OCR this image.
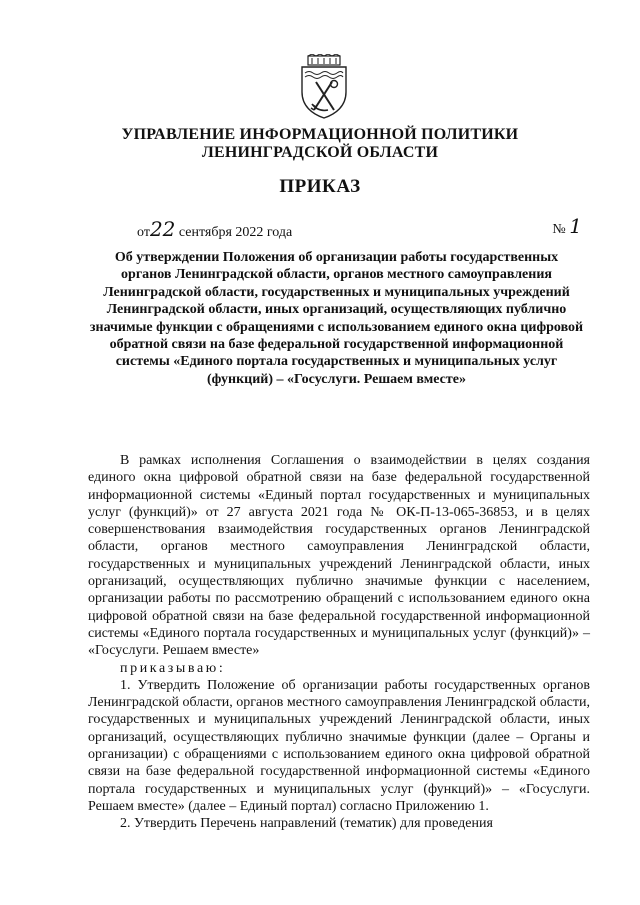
УПРАВЛЕНИЕ ИНФОРМАЦИОННОЙ ПОЛИТИКИ
ЛЕНИНГРАДСКОЙ ОБЛАСТИ
ПРИКАЗ
от22 сентября 2022 года	№ 1
Об утверждении Положения об организации работы государственных органов Ленинградской области, органов местного самоуправления Ленинградской области, государственных и муниципальных учреждений Ленинградской области, иных организаций, осуществляющих публично значимые функции с обращениями с использованием единого окна цифровой обратной связи на базе федеральной государственной информационной системы «Единого портала государственных и муниципальных услуг (функций) – «Госуслуги. Решаем вместе»

В рамках исполнения Соглашения о взаимодействии в целях создания единого окна цифровой обратной связи на базе федеральной государственной информационной системы «Единый портал государственных и муниципальных услуг (функций)» от 27 августа 2021 года № ОК-П-13-065-36853, и в целях совершенствования взаимодействия государственных органов Ленинградской области, органов местного самоуправления Ленинградской области, государственных и муниципальных учреждений Ленинградской области, иных организаций, осуществляющих публично значимые функции с населением, организации работы по рассмотрению обращений с использованием единого окна цифровой обратной связи на базе федеральной государственной информационной системы «Единого портала государственных и муниципальных услуг (функций)» – «Госуслуги. Решаем вместе»

приказываю:

1. Утвердить Положение об организации работы государственных органов Ленинградской области, органов местного самоуправления Ленинградской области, государственных и муниципальных учреждений Ленинградской области, иных организаций, осуществляющих публично значимые функции (далее – Органы и организации) с обращениями с использованием единого окна цифровой обратной связи на базе федеральной государственной информационной системы «Единого портала государственных и муниципальных услуг (функций)» – «Госуслуги. Решаем вместе» (далее – Единый портал) согласно Приложению 1.

2. Утвердить Перечень направлений (тематик) для проведения
